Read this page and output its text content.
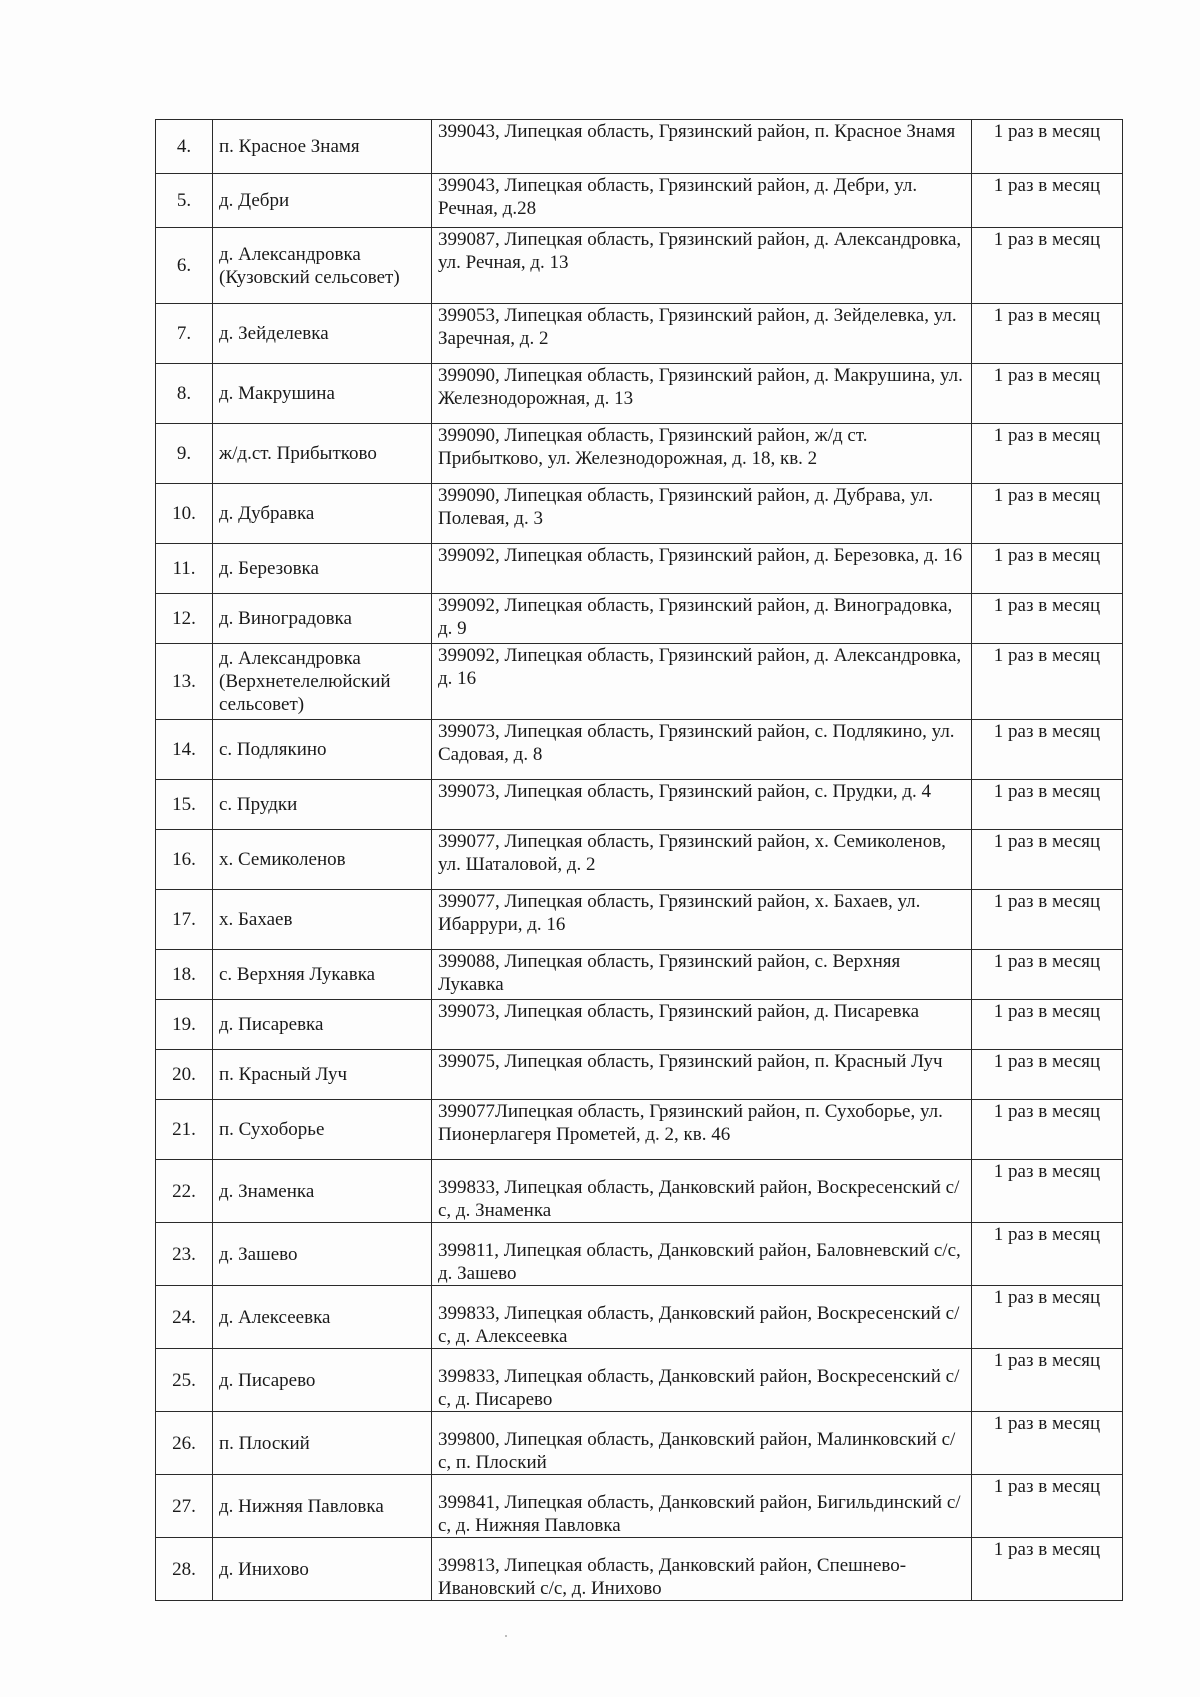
4.	п. Красное Знамя	399043, Липецкая область, Грязинский район, п. Красное Знамя	1 раз в месяц
5.	д. Дебри	399043, Липецкая область, Грязинский район, д. Дебри, ул. Речная, д.28	1 раз в месяц
6.	д. Александровка (Кузовский сельсовет)	399087, Липецкая область, Грязинский район, д. Александровка, ул. Речная, д. 13	1 раз в месяц
7.	д. Зейделевка	399053, Липецкая область, Грязинский район, д. Зейделевка, ул. Заречная, д. 2	1 раз в месяц
8.	д. Макрушина	399090, Липецкая область, Грязинский район, д. Макрушина, ул. Железнодорожная, д. 13	1 раз в месяц
9.	ж/д.ст. Прибытково	399090, Липецкая область, Грязинский район, ж/д ст. Прибытково, ул. Железнодорожная, д. 18, кв. 2	1 раз в месяц
10.	д. Дубравка	399090, Липецкая область, Грязинский район, д. Дубрава, ул. Полевая, д. 3	1 раз в месяц
11.	д. Березовка	399092, Липецкая область, Грязинский район, д. Березовка, д. 16	1 раз в месяц
12.	д. Виноградовка	399092, Липецкая область, Грязинский район, д. Виноградовка, д. 9	1 раз в месяц
13.	д. Александровка (Верхнетелелюйский сельсовет)	399092, Липецкая область, Грязинский район, д. Александровка, д. 16	1 раз в месяц
14.	с. Подлякино	399073, Липецкая область, Грязинский район, с. Подлякино, ул. Садовая, д. 8	1 раз в месяц
15.	с. Прудки	399073, Липецкая область, Грязинский район, с. Прудки, д. 4	1 раз в месяц
16.	х. Семиколенов	399077, Липецкая область, Грязинский район, х. Семиколенов, ул. Шаталовой, д. 2	1 раз в месяц
17.	х. Бахаев	399077, Липецкая область, Грязинский район, х. Бахаев, ул. Ибаррури, д. 16	1 раз в месяц
18.	с. Верхняя Лукавка	399088, Липецкая область, Грязинский район, с. Верхняя Лукавка	1 раз в месяц
19.	д. Писаревка	399073, Липецкая область, Грязинский район, д. Писаревка	1 раз в месяц
20.	п. Красный Луч	399075, Липецкая область, Грязинский район, п. Красный Луч	1 раз в месяц
21.	п. Сухоборье	399077Липецкая область, Грязинский район, п. Сухоборье, ул. Пионерлагеря Прометей, д. 2, кв. 46	1 раз в месяц
22.	д. Знаменка	399833, Липецкая область, Данковский район, Воскресенский с/с, д. Знаменка	1 раз в месяц
23.	д. Зашево	399811, Липецкая область, Данковский район, Баловневский с/с, д. Зашево	1 раз в месяц
24.	д. Алексеевка	399833, Липецкая область, Данковский район, Воскресенский с/с, д. Алексеевка	1 раз в месяц
25.	д. Писарево	399833, Липецкая область, Данковский район, Воскресенский с/с, д. Писарево	1 раз в месяц
26.	п. Плоский	399800, Липецкая область, Данковский район, Малинковский с/с, п. Плоский	1 раз в месяц
27.	д. Нижняя Павловка	399841, Липецкая область, Данковский район, Бигильдинский с/с, д. Нижняя Павловка	1 раз в месяц
28.	д. Инихово	399813, Липецкая область, Данковский район, Спешнево-Ивановский с/с, д. Инихово	1 раз в месяц
